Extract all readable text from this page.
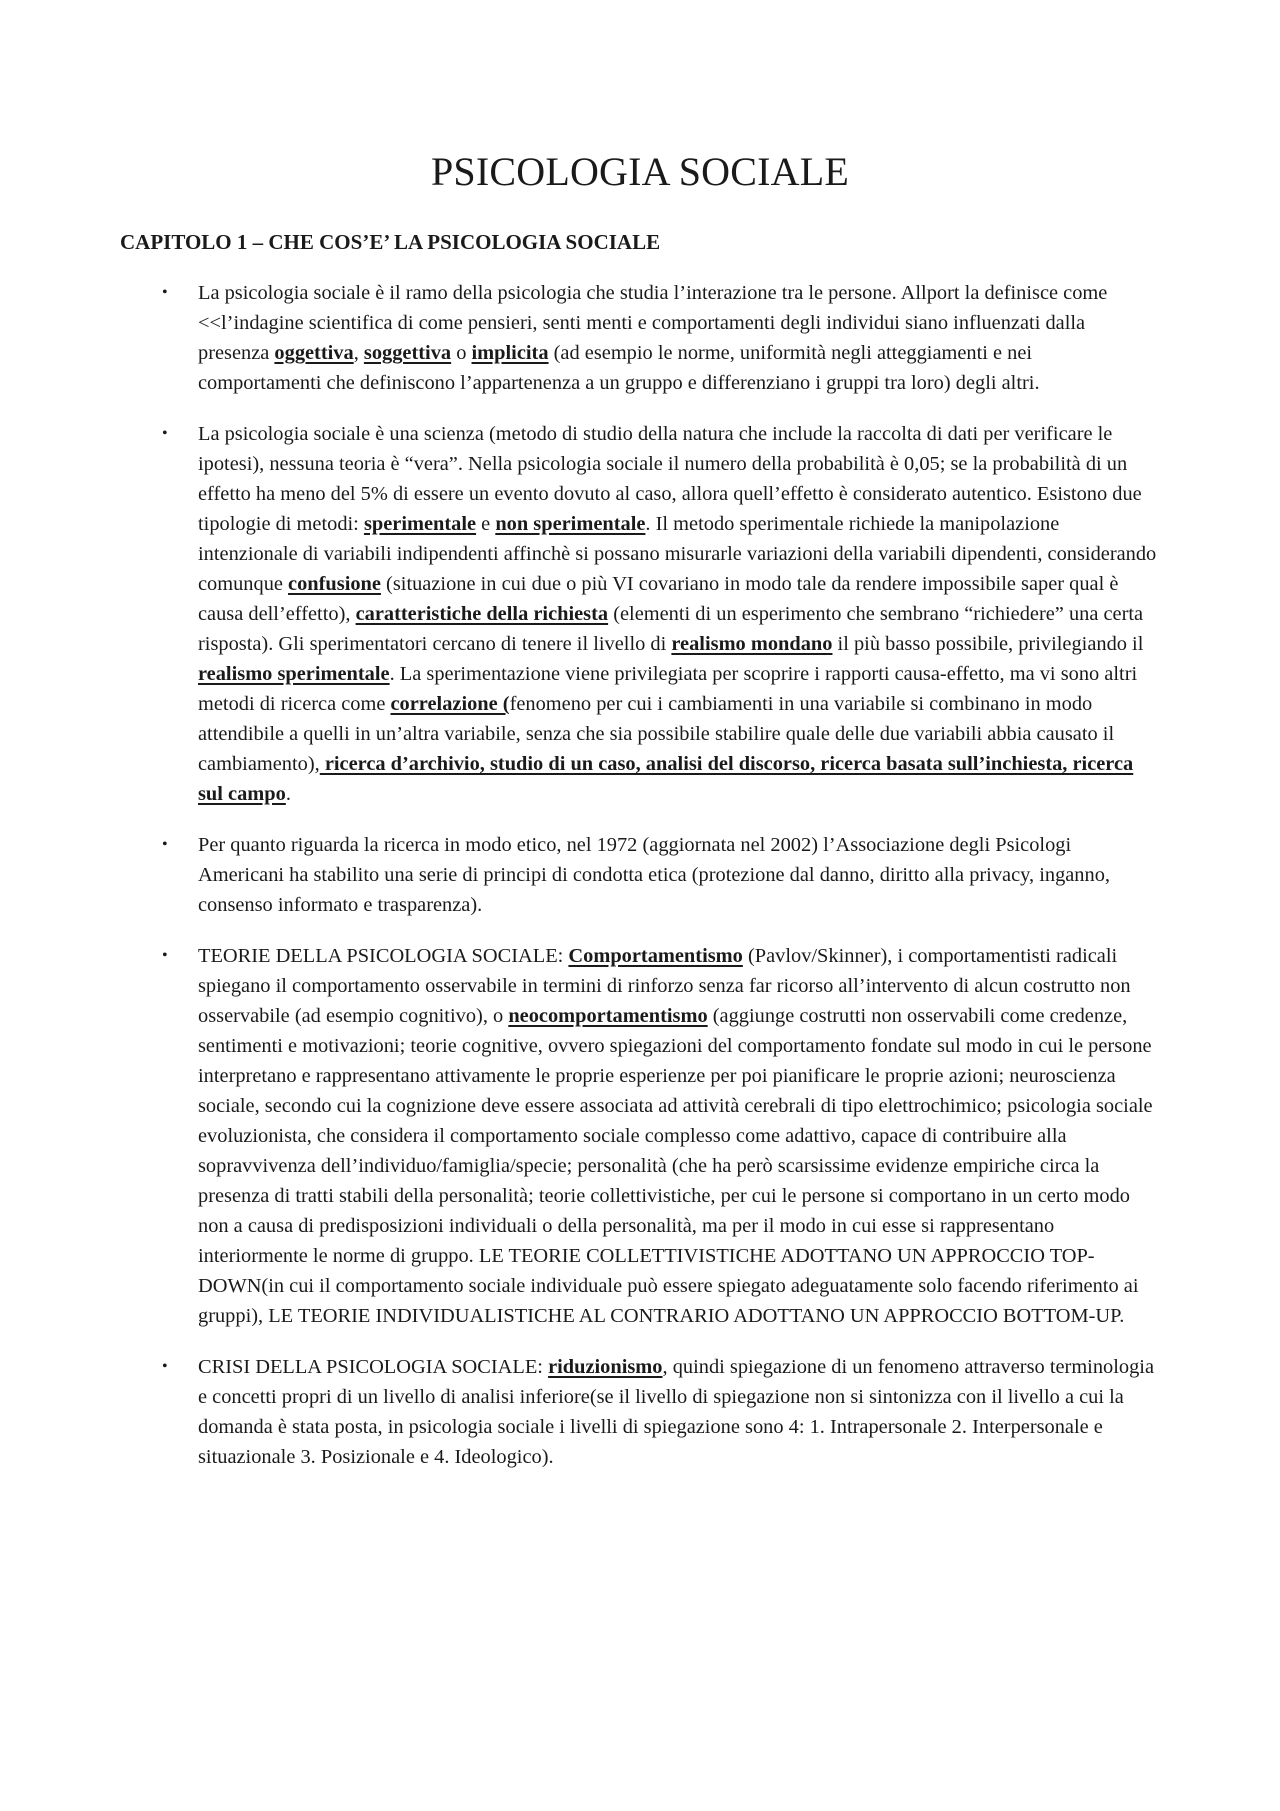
PSICOLOGIA SOCIALE
CAPITOLO 1 – CHE COS’E’ LA PSICOLOGIA SOCIALE
• La psicologia sociale è il ramo della psicologia che studia l’interazione tra le persone. Allport la definisce come <<l’indagine scientifica di come pensieri, senti menti e comportamenti degli individui siano influenzati dalla presenza oggettiva, soggettiva o implicita (ad esempio le norme, uniformità negli atteggiamenti e nei comportamenti che definiscono l’appartenenza a un gruppo e differenziano i gruppi tra loro) degli altri.
• La psicologia sociale è una scienza (metodo di studio della natura che include la raccolta di dati per verificare le ipotesi), nessuna teoria è “vera”. Nella psicologia sociale il numero della probabilità è 0,05; se la probabilità di un effetto ha meno del 5% di essere un evento dovuto al caso, allora quell’effetto è considerato autentico. Esistono due tipologie di metodi: sperimentale e non sperimentale. Il metodo sperimentale richiede la manipolazione intenzionale di variabili indipendenti affinchè si possano misurarle variazioni della variabili dipendenti, considerando comunque confusione (situazione in cui due o più VI covariano in modo tale da rendere impossibile saper qual è causa dell’effetto), caratteristiche della richiesta (elementi di un esperimento che sembrano “richiedere” una certa risposta). Gli sperimentatori cercano di tenere il livello di realismo mondano il più basso possibile, privilegiando il realismo sperimentale. La sperimentazione viene privilegiata per scoprire i rapporti causa-effetto, ma vi sono altri metodi di ricerca come correlazione (fenomeno per cui i cambiamenti in una variabile si combinano in modo attendibile a quelli in un’altra variabile, senza che sia possibile stabilire quale delle due variabili abbia causato il cambiamento), ricerca d’archivio, studio di un caso, analisi del discorso, ricerca basata sull’inchiesta, ricerca sul campo.
• Per quanto riguarda la ricerca in modo etico, nel 1972 (aggiornata nel 2002) l’Associazione degli Psicologi Americani ha stabilito una serie di principi di condotta etica (protezione dal danno, diritto alla privacy, inganno, consenso informato e trasparenza).
• TEORIE DELLA PSICOLOGIA SOCIALE: Comportamentismo (Pavlov/Skinner), i comportamentisti radicali spiegano il comportamento osservabile in termini di rinforzo senza far ricorso all’intervento di alcun costrutto non osservabile (ad esempio cognitivo), o neocomportamentismo (aggiunge costrutti non osservabili come credenze, sentimenti e motivazioni; teorie cognitive, ovvero spiegazioni del comportamento fondate sul modo in cui le persone interpretano e rappresentano attivamente le proprie esperienze per poi pianificare le proprie azioni; neuroscienza sociale, secondo cui la cognizione deve essere associata ad attività cerebrali di tipo elettrochimico; psicologia sociale evoluzionista, che considera il comportamento sociale complesso come adattivo, capace di contribuire alla sopravvivenza dell’individuo/famiglia/specie; personalità (che ha però scarsissime evidenze empiriche circa la presenza di tratti stabili della personalità; teorie collettivistiche, per cui le persone si comportano in un certo modo non a causa di predisposizioni individuali o della personalità, ma per il modo in cui esse si rappresentano interiormente le norme di gruppo. LE TEORIE COLLETTIVISTICHE ADOTTANO UN APPROCCIO TOP-DOWN(in cui il comportamento sociale individuale può essere spiegato adeguatamente solo facendo riferimento ai gruppi), LE TEORIE INDIVIDUALISTICHE AL CONTRARIO ADOTTANO UN APPROCCIO BOTTOM-UP.
• CRISI DELLA PSICOLOGIA SOCIALE: riduzionismo, quindi spiegazione di un fenomeno attraverso terminologia e concetti propri di un livello di analisi inferiore(se il livello di spiegazione non si sintonizza con il livello a cui la domanda è stata posta, in psicologia sociale i livelli di spiegazione sono 4: 1. Intrapersonale 2. Interpersonale e situazionale 3. Posizionale e 4. Ideologico).
